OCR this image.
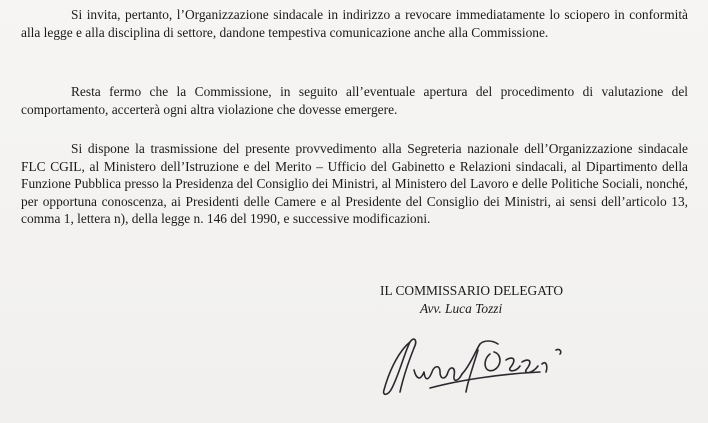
Si invita, pertanto, l’Organizzazione sindacale in indirizzo a revocare immediatamente lo sciopero in conformità alla legge e alla disciplina di settore, dandone tempestiva comunicazione anche alla Commissione.

Resta fermo che la Commissione, in seguito all’eventuale apertura del procedimento di valutazione del comportamento, accerterà ogni altra violazione che dovesse emergere.

Si dispone la trasmissione del presente provvedimento alla Segreteria nazionale dell’Organizzazione sindacale FLC CGIL, al Ministero dell’Istruzione e del Merito – Ufficio del Gabinetto e Relazioni sindacali, al Dipartimento della Funzione Pubblica presso la Presidenza del Consiglio dei Ministri, al Ministero del Lavoro e delle Politiche Sociali, nonché, per opportuna conoscenza, ai Presidenti delle Camere e al Presidente del Consiglio dei Ministri, ai sensi dell’articolo 13, comma 1, lettera n), della legge n. 146 del 1990, e successive modificazioni.

IL COMMISSARIO DELEGATO
Avv. Luca Tozzi
